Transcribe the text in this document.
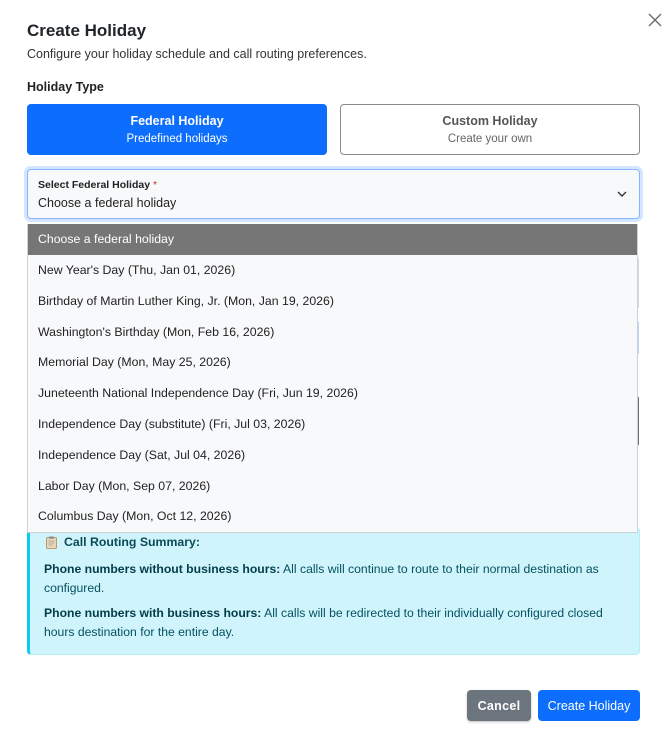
Create Holiday
Configure your holiday schedule and call routing preferences.
Holiday Type
Federal Holiday
Predefined holidays
Custom Holiday
Create your own
Select Federal Holiday *
Choose a federal holiday
Choose a federal holiday
New Year's Day (Thu, Jan 01, 2026)
Birthday of Martin Luther King, Jr. (Mon, Jan 19, 2026)
Washington's Birthday (Mon, Feb 16, 2026)
Memorial Day (Mon, May 25, 2026)
Juneteenth National Independence Day (Fri, Jun 19, 2026)
Independence Day (substitute) (Fri, Jul 03, 2026)
Independence Day (Sat, Jul 04, 2026)
Labor Day (Mon, Sep 07, 2026)
Columbus Day (Mon, Oct 12, 2026)
Call Routing Summary:
Phone numbers without business hours: All calls will continue to route to their normal destination as configured.
Phone numbers with business hours: All calls will be redirected to their individually configured closed hours destination for the entire day.
Cancel	Create Holiday
